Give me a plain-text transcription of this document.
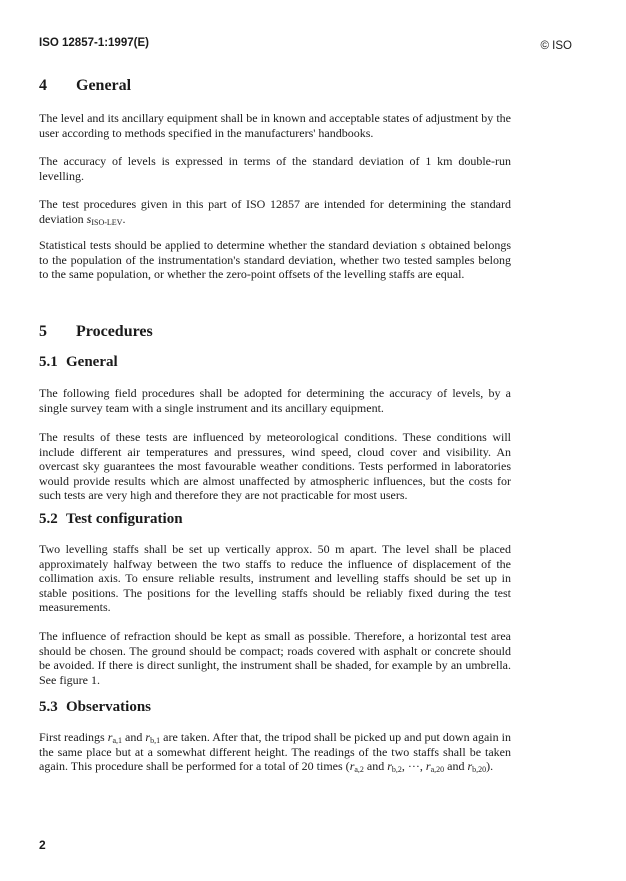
ISO 12857-1:1997(E)	© ISO
4 General

The level and its ancillary equipment shall be in known and acceptable states of adjustment by the user according to methods specified in the manufacturers' handbooks.

The accuracy of levels is expressed in terms of the standard deviation of 1 km double-run levelling.

The test procedures given in this part of ISO 12857 are intended for determining the standard deviation $s_{ISO-LEV}$.

Statistical tests should be applied to determine whether the standard deviation s obtained belongs to the population of the instrumentation's standard deviation, whether two tested samples belong to the same population, or whether the zero-point offsets of the levelling staffs are equal.

5 Procedures
5.1 General

The following field procedures shall be adopted for determining the accuracy of levels, by a single survey team with a single instrument and its ancillary equipment.

The results of these tests are influenced by meteorological conditions. These conditions will include different air temperatures and pressures, wind speed, cloud cover and visibility. An overcast sky guarantees the most favourable weather conditions. Tests performed in laboratories would provide results which are almost unaffected by atmospheric influences, but the costs for such tests are very high and therefore they are not practicable for most users.

5.2 Test configuration

Two levelling staffs shall be set up vertically approx. 50 m apart. The level shall be placed approximately halfway between the two staffs to reduce the influence of displacement of the collimation axis. To ensure reliable results, instrument and levelling staffs should be set up in stable positions. The positions for the levelling staffs should be reliably fixed during the test measurements.

The influence of refraction should be kept as small as possible. Therefore, a horizontal test area should be chosen. The ground should be compact; roads covered with asphalt or concrete should be avoided. If there is direct sunlight, the instrument shall be shaded, for example by an umbrella. See figure 1.

5.3 Observations

First readings $r_{a,1}$ and $r_{b,1}$ are taken. After that, the tripod shall be picked up and put down again in the same place but at a somewhat different height. The readings of the two staffs shall be taken again. This procedure shall be performed for a total of 20 times ($r_{a,2}$ and $r_{b,2}$, ···, $r_{a,20}$ and $r_{b,20}$).

2
